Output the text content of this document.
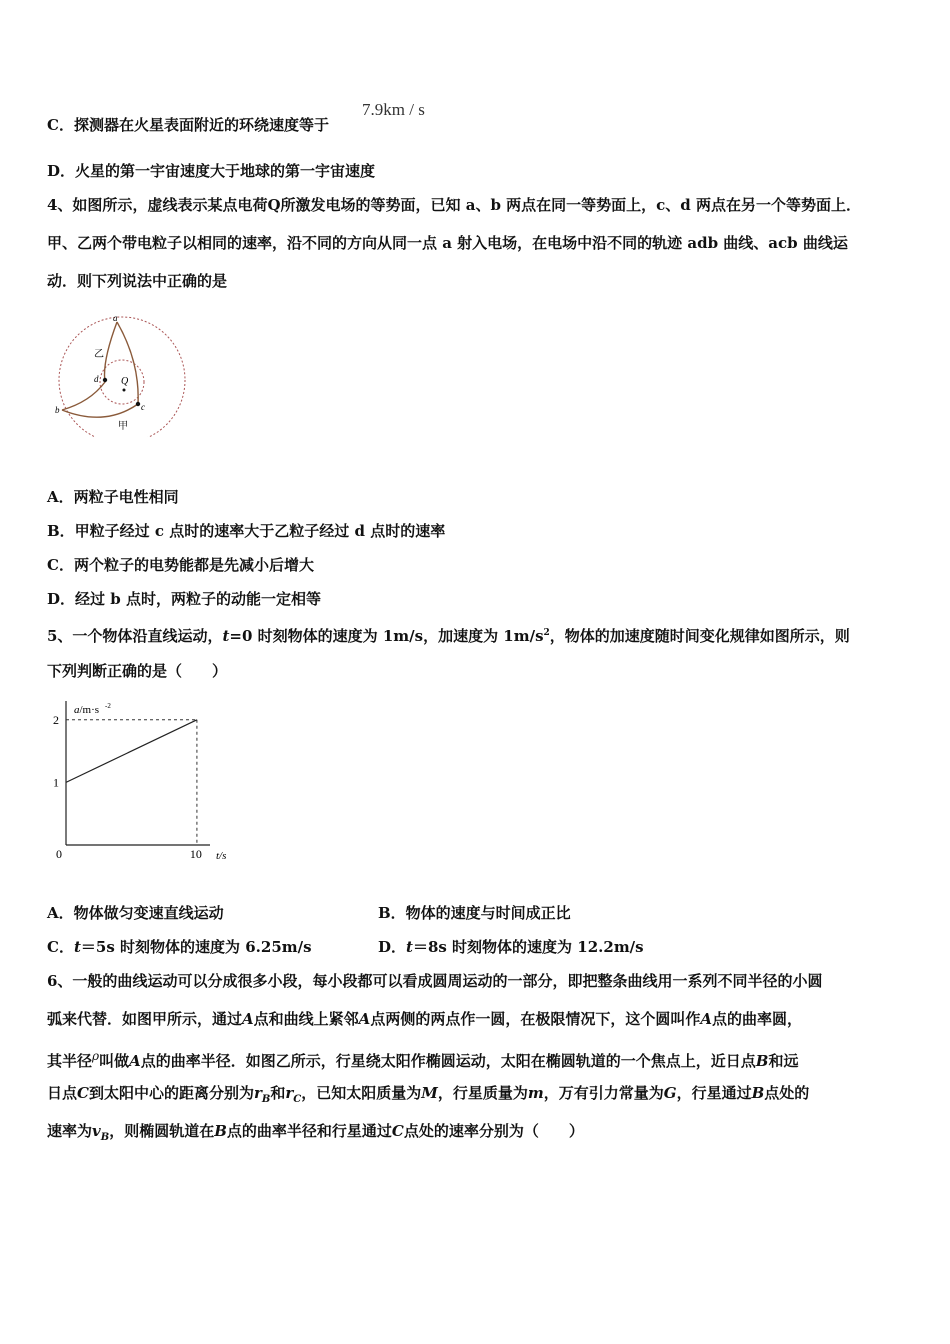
C．探测器在火星表面附近的环绕速度等于
7.9km / s
D．火星的第一宇宙速度大于地球的第一宇宙速度
4、如图所示，虚线表示某点电荷Q所激发电场的等势面，已知 a、b 两点在同一等势面上，c、d 两点在另一个等势面上．
甲、乙两个带电粒子以相同的速率，沿不同的方向从同一点 a 射入电场，在电场中沿不同的轨迹 adb 曲线、acb 曲线运
动．则下列说法中正确的是
a
乙
d Q
b	c
甲
A．两粒子电性相同
B．甲粒子经过 c 点时的速率大于乙粒子经过 d 点时的速率
C．两个粒子的电势能都是先减小后增大
D．经过 b 点时，两粒子的动能一定相等
5、一个物体沿直线运动，t=0 时刻物体的速度为 1m/s，加速度为 $1m/s^2$，物体的加速度随时间变化规律如图所示，则
下列判断正确的是（　　）
a/m·s -2
2
1
0	10 t/s
A．物体做匀变速直线运动	B．物体的速度与时间成正比
C．t＝5s 时刻物体的速度为 6.25m/s	D．t＝8s 时刻物体的速度为 12.2m/s
6、一般的曲线运动可以分成很多小段，每小段都可以看成圆周运动的一部分，即把整条曲线用一系列不同半径的小圆
弧来代替．如图甲所示，通过A点和曲线上紧邻A点两侧的两点作一圆，在极限情况下，这个圆叫作A点的曲率圆，
其半径$^\rho$叫做A点的曲率半径．如图乙所示，行星绕太阳作椭圆运动，太阳在椭圆轨道的一个焦点上，近日点B和远
日点C到太阳中心的距离分别为$r_B$和$r_C$，已知太阳质量为M，行星质量为m，万有引力常量为G，行星通过B点处的
速率为$v_B$，则椭圆轨道在B点的曲率半径和行星通过C点处的速率分别为（　　）
